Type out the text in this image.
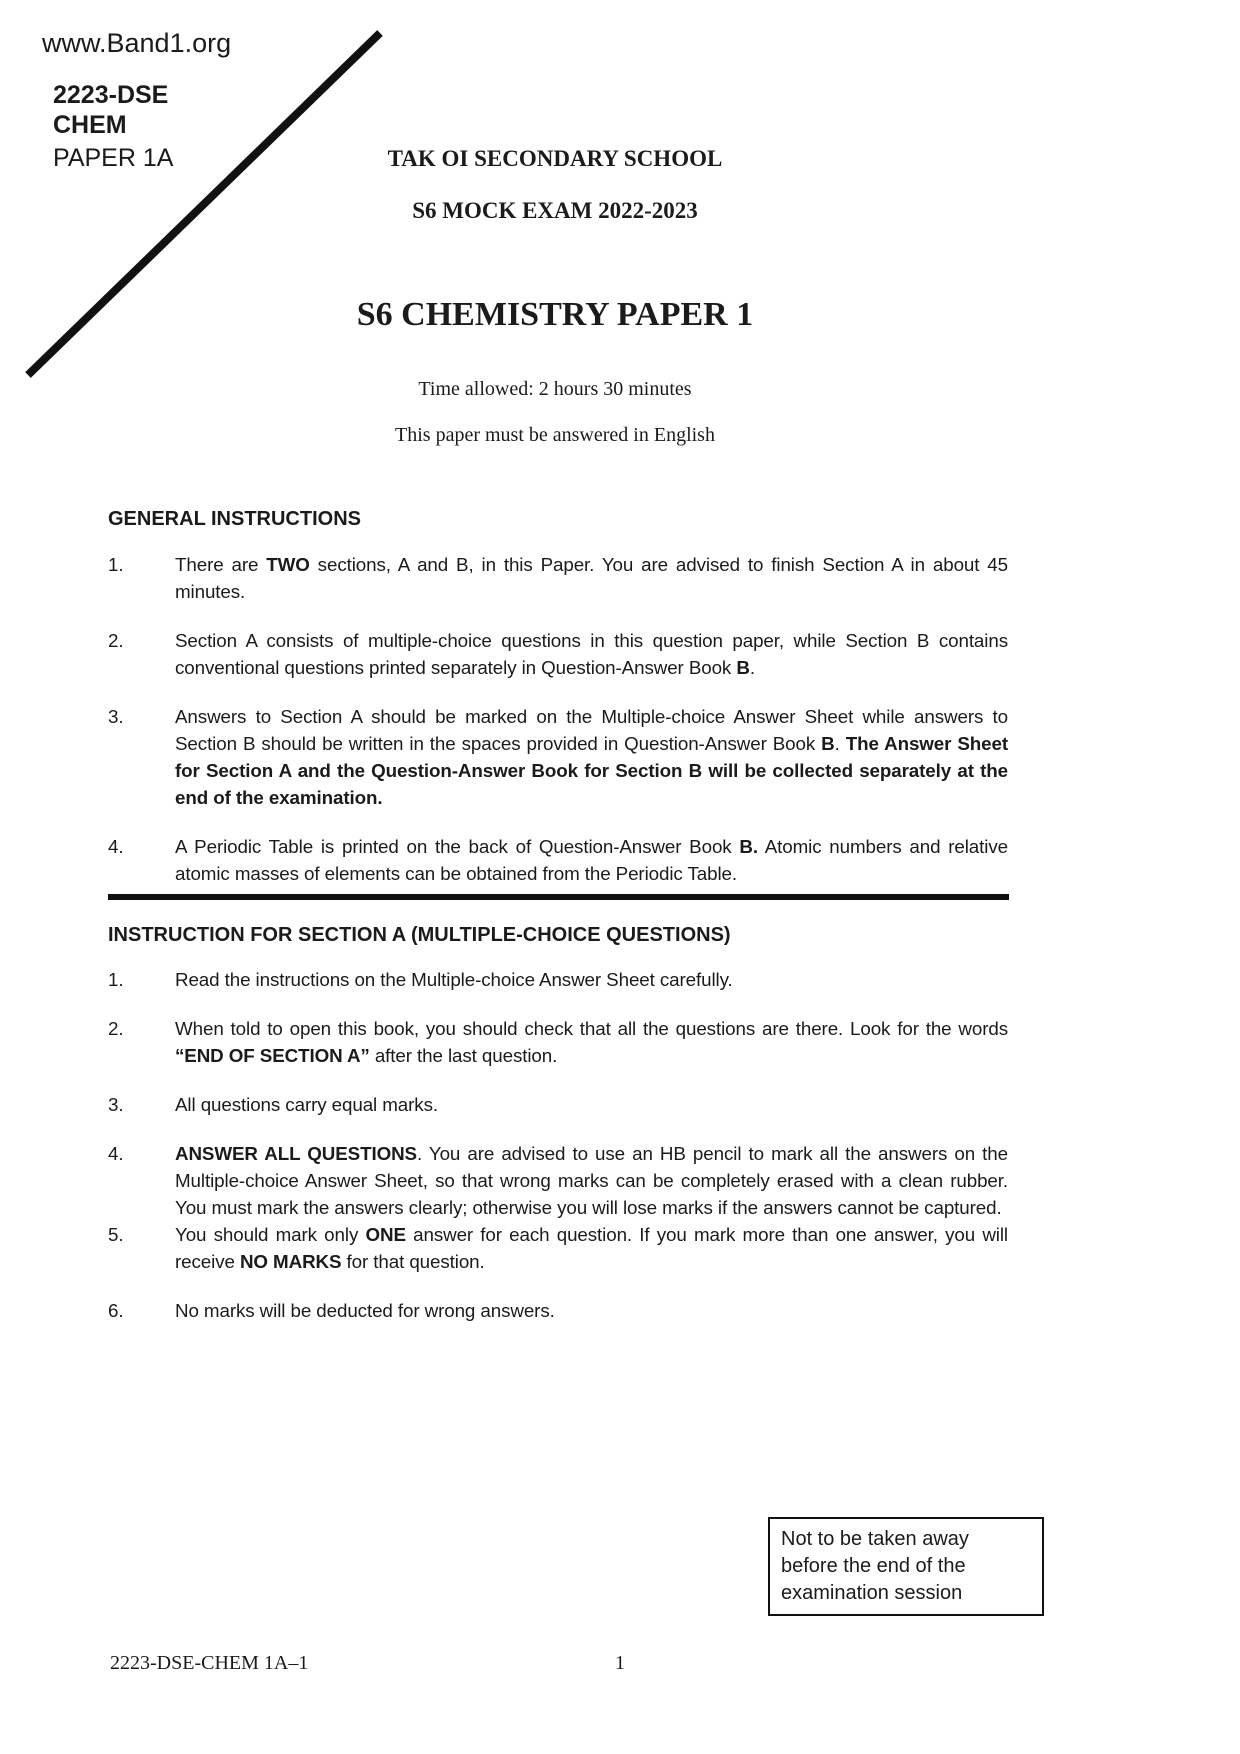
www.Band1.org
2223-DSE
CHEM
PAPER 1A	TAK OI SECONDARY SCHOOL
S6 MOCK EXAM 2022-2023
S6 CHEMISTRY PAPER 1
Time allowed: 2 hours 30 minutes
This paper must be answered in English
GENERAL INSTRUCTIONS
1.	There are TWO sections, A and B, in this Paper. You are advised to finish Section A in about 45 minutes.
2.	Section A consists of multiple-choice questions in this question paper, while Section B contains conventional questions printed separately in Question-Answer Book B.
3.	Answers to Section A should be marked on the Multiple-choice Answer Sheet while answers to Section B should be written in the spaces provided in Question-Answer Book B. The Answer Sheet for Section A and the Question-Answer Book for Section B will be collected separately at the end of the examination.
4.	A Periodic Table is printed on the back of Question-Answer Book B. Atomic numbers and relative atomic masses of elements can be obtained from the Periodic Table.
INSTRUCTION FOR SECTION A (MULTIPLE-CHOICE QUESTIONS)
1.	Read the instructions on the Multiple-choice Answer Sheet carefully.
2.	When told to open this book, you should check that all the questions are there. Look for the words “END OF SECTION A” after the last question.
3.	All questions carry equal marks.
4.	ANSWER ALL QUESTIONS. You are advised to use an HB pencil to mark all the answers on the Multiple-choice Answer Sheet, so that wrong marks can be completely erased with a clean rubber. You must mark the answers clearly; otherwise you will lose marks if the answers cannot be captured.
5.	You should mark only ONE answer for each question. If you mark more than one answer, you will receive NO MARKS for that question.
6.	No marks will be deducted for wrong answers.
Not to be taken away before the end of the examination session
2223-DSE-CHEM 1A–1	1
